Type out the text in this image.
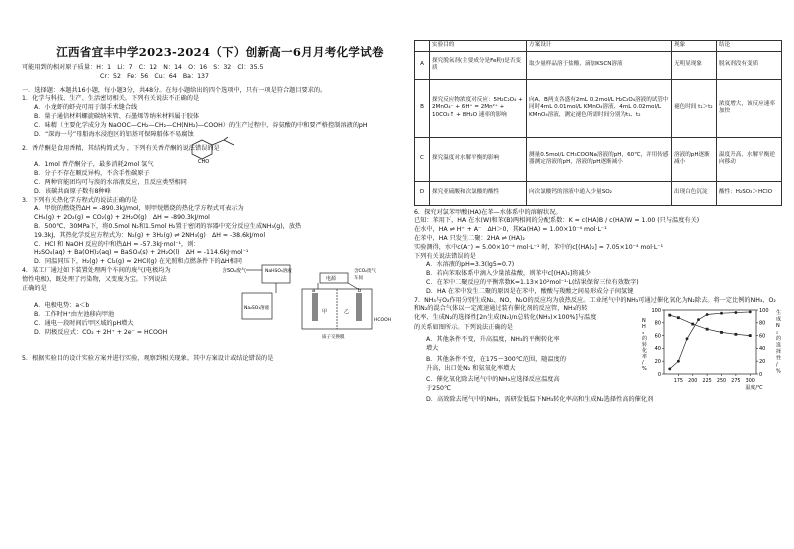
江西省宜丰中学2023-2024（下）创新高一6月月考化学试卷

可能用到的相对原子质量：H：1　Li：7　C：12　N：14　O：16　S：32　Cl：35.5

Cr：52　Fe：56　Cu：64　Ba：137

一．选择题：本题共16小题，每小题3分，共48分。在每小题给出的四个选项中，只有一项是符合题目要求的。

1．化学与科技、生产、生活密切相关。下列有关说法不正确的是

A．小龙虾的虾壳可用于制手术缝合线

B．量子通信材料螺旋碳纳米管、石墨烯等纳米材料属于胶体

C．味精（主要化学成分为 NaOOC—CH₂—CH₂—CH(NH₂)—COOH）的生产过程中，谷氨酸的中和要严格控制溶液的pH

D．“深海一号”母船海水浸泡区的铝基可保障船体不易腐蚀

2．香芹酮是食用香精，其结构简式为 ，下列有关香芹酮的说法错误的是

CHO

A．1mol 香芹酮分子，最多消耗2mol 氢气

B．分子不存在顺反异构，不含手性碳原子

C．两种官能团均可与溴的水溶液反应，且反应类型相同

D．该碳共面原子数有8种峰

3．下列有关热化学方程式的说法正确的是

A．甲烷的燃烧热ΔH = -890.3kJ/mol，则甲烷燃烧的热化学方程式可表示为

CH₄(g) + 2O₂(g) = CO₂(g) + 2H₂O(g)　ΔH = -890.3kJ/mol

B．500℃、30MPa下，将0.5mol N₂和1.5mol H₂置于密闭的容器中充分反应生成NH₃(g)，放热

19.3kJ，其热化学反应方程式为：N₂(g) + 3H₂(g) ⇌ 2NH₃(g)　ΔH = -38.6kJ/mol

C．HCl 和 NaOH 反应的中和热ΔH = -57.3kJ·mol⁻¹，则：

H₂SO₄(aq) + Ba(OH)₂(aq) = BaSO₄(s) + 2H₂O(l)　ΔH = -114.6kJ·mol⁻¹

D．同温同压下，H₂(g) + Cl₂(g) = 2HCl(g) 在光照和点燃条件下的ΔH相同

4．某工厂通过如下装置处理两个车间的废气(电极均为惰性电极)，既处理了污染物，又变废为宝。下列说法正确的是

A．电极电势：a＜b

B．工作时H⁺由左池移向甲池

C．通电一段时间后甲区域的pH增大

D．阴极反应式：CO₂ + 2H⁺ + 2e⁻ = HCOOH

含SO₂废气	NaHSO₃溶液
Na₂SO₃溶液
电源
含CO₂废气
车间
a	b
甲	乙
HCOOH
质子交换膜

5．根据实验目的设计实验方案并进行实验，观察到相关现象。其中方案设计或结论错误的是

	实验目的	方案设计	现象	结论
A	探究脱氧剂(主要成分是Fe粉)是否变质	取少量样品溶于盐酸，滴加KSCN溶液	无明显现象	脱氧剂没有变质
B	探究反应物浓度对反应：5H₂C₂O₄ + 2MnO₄⁻ + 6H⁺ = 2Mn²⁺ + 10CO₂↑ + 8H₂O 速率的影响	向A、B两支各盛有2mL 0.2mol/L H₂C₂O₄溶液的试管中同时4mL 0.01mol/L KMnO₄溶液、4mL 0.02mol/L KMnO₄溶液，测定褪色所需时间分别为t₁、t₂	褪色时间 t₁＞t₂	浓度增大，该反应速率加快
C	探究温度对水解平衡的影响	测量0.5mol/L CH₃COONa溶液的pH，60℃，并用传感器测定溶液的pH，溶液的pH逐渐减小	溶液的pH逐渐减小	温度升高，水解平衡逆向移动
D	探究亚硫酸和次氯酸的酸性	向次氯酸钙的溶液中通入少量SO₂	出现白色沉淀	酸性：H₂SO₃＞HClO

6．探究对氯苯甲酸(HA)在苯—水体系中的溶解状况。

已知：苯用下，HA 在水(W)和苯(B)两相间的分配系数：K = c(HA)B / c(HA)W = 1.00 (只与温度有关)

在水中，HA ⇌ H⁺ + A⁻　ΔH＞0，其Ka(HA) = 1.00×10⁻⁴ mol·L⁻¹

在苯中，HA 只发生二聚：2HA ⇌ (HA)₂

实验测得，水中c(A⁻) = 5.00×10⁻⁴ mol·L⁻¹ 时，苯中的c[(HA)₂] = 7.05×10⁻⁴ mol·L⁻¹

下列有关说法错误的是

A．水溶液的pH=3.3(lg5=0.7)

B．若向苯取体系中滴入少量浓盐酸，则苯中c[(HA)₂]将减少

C．在苯中二聚反应的平衡常数K=1.13×10²mol⁻¹·L(结果保留三位有效数字)

D．HA 在苯中发生二聚的原因是在苯中，酸酸与羧酸之间易形成分子间氢键

7．NH₃与O₂作用分别生成N₂、NO、N₂O的反应均为放热反应。工业尾气中的NH₃可通过催化氧化为N₂除去。将一定比例的NH₃、O₂和N₂的混合气体以一定流速通过装有催化剂的反应管，NH₃的转

化率、生成N₂的选择性[2n生成(N₂)/n总转化(NH₃)×100%]与温度

的关系如图所示。下列说法正确的是

A．其他条件不变，升高温度，NH₃的平衡转化率

增大

B．其他条件不变，在175～300℃范围，随温度的

升高，出口处N₂ 和氨氧化率增大

C．催化氧化除去尾气中的NH₃应选择反应温度高

于250℃

D．高效除去尾气中的NH₃，需研发低温下NH₃转化率高和生成N₂选择性高的催化剂

0	0
20	20
40	40
60	60
80	80
100	100
175 200 225 250 275 300
温度/℃
N H ₃ 的转化率/ %
生成 N ₂ 的选择性/ %
